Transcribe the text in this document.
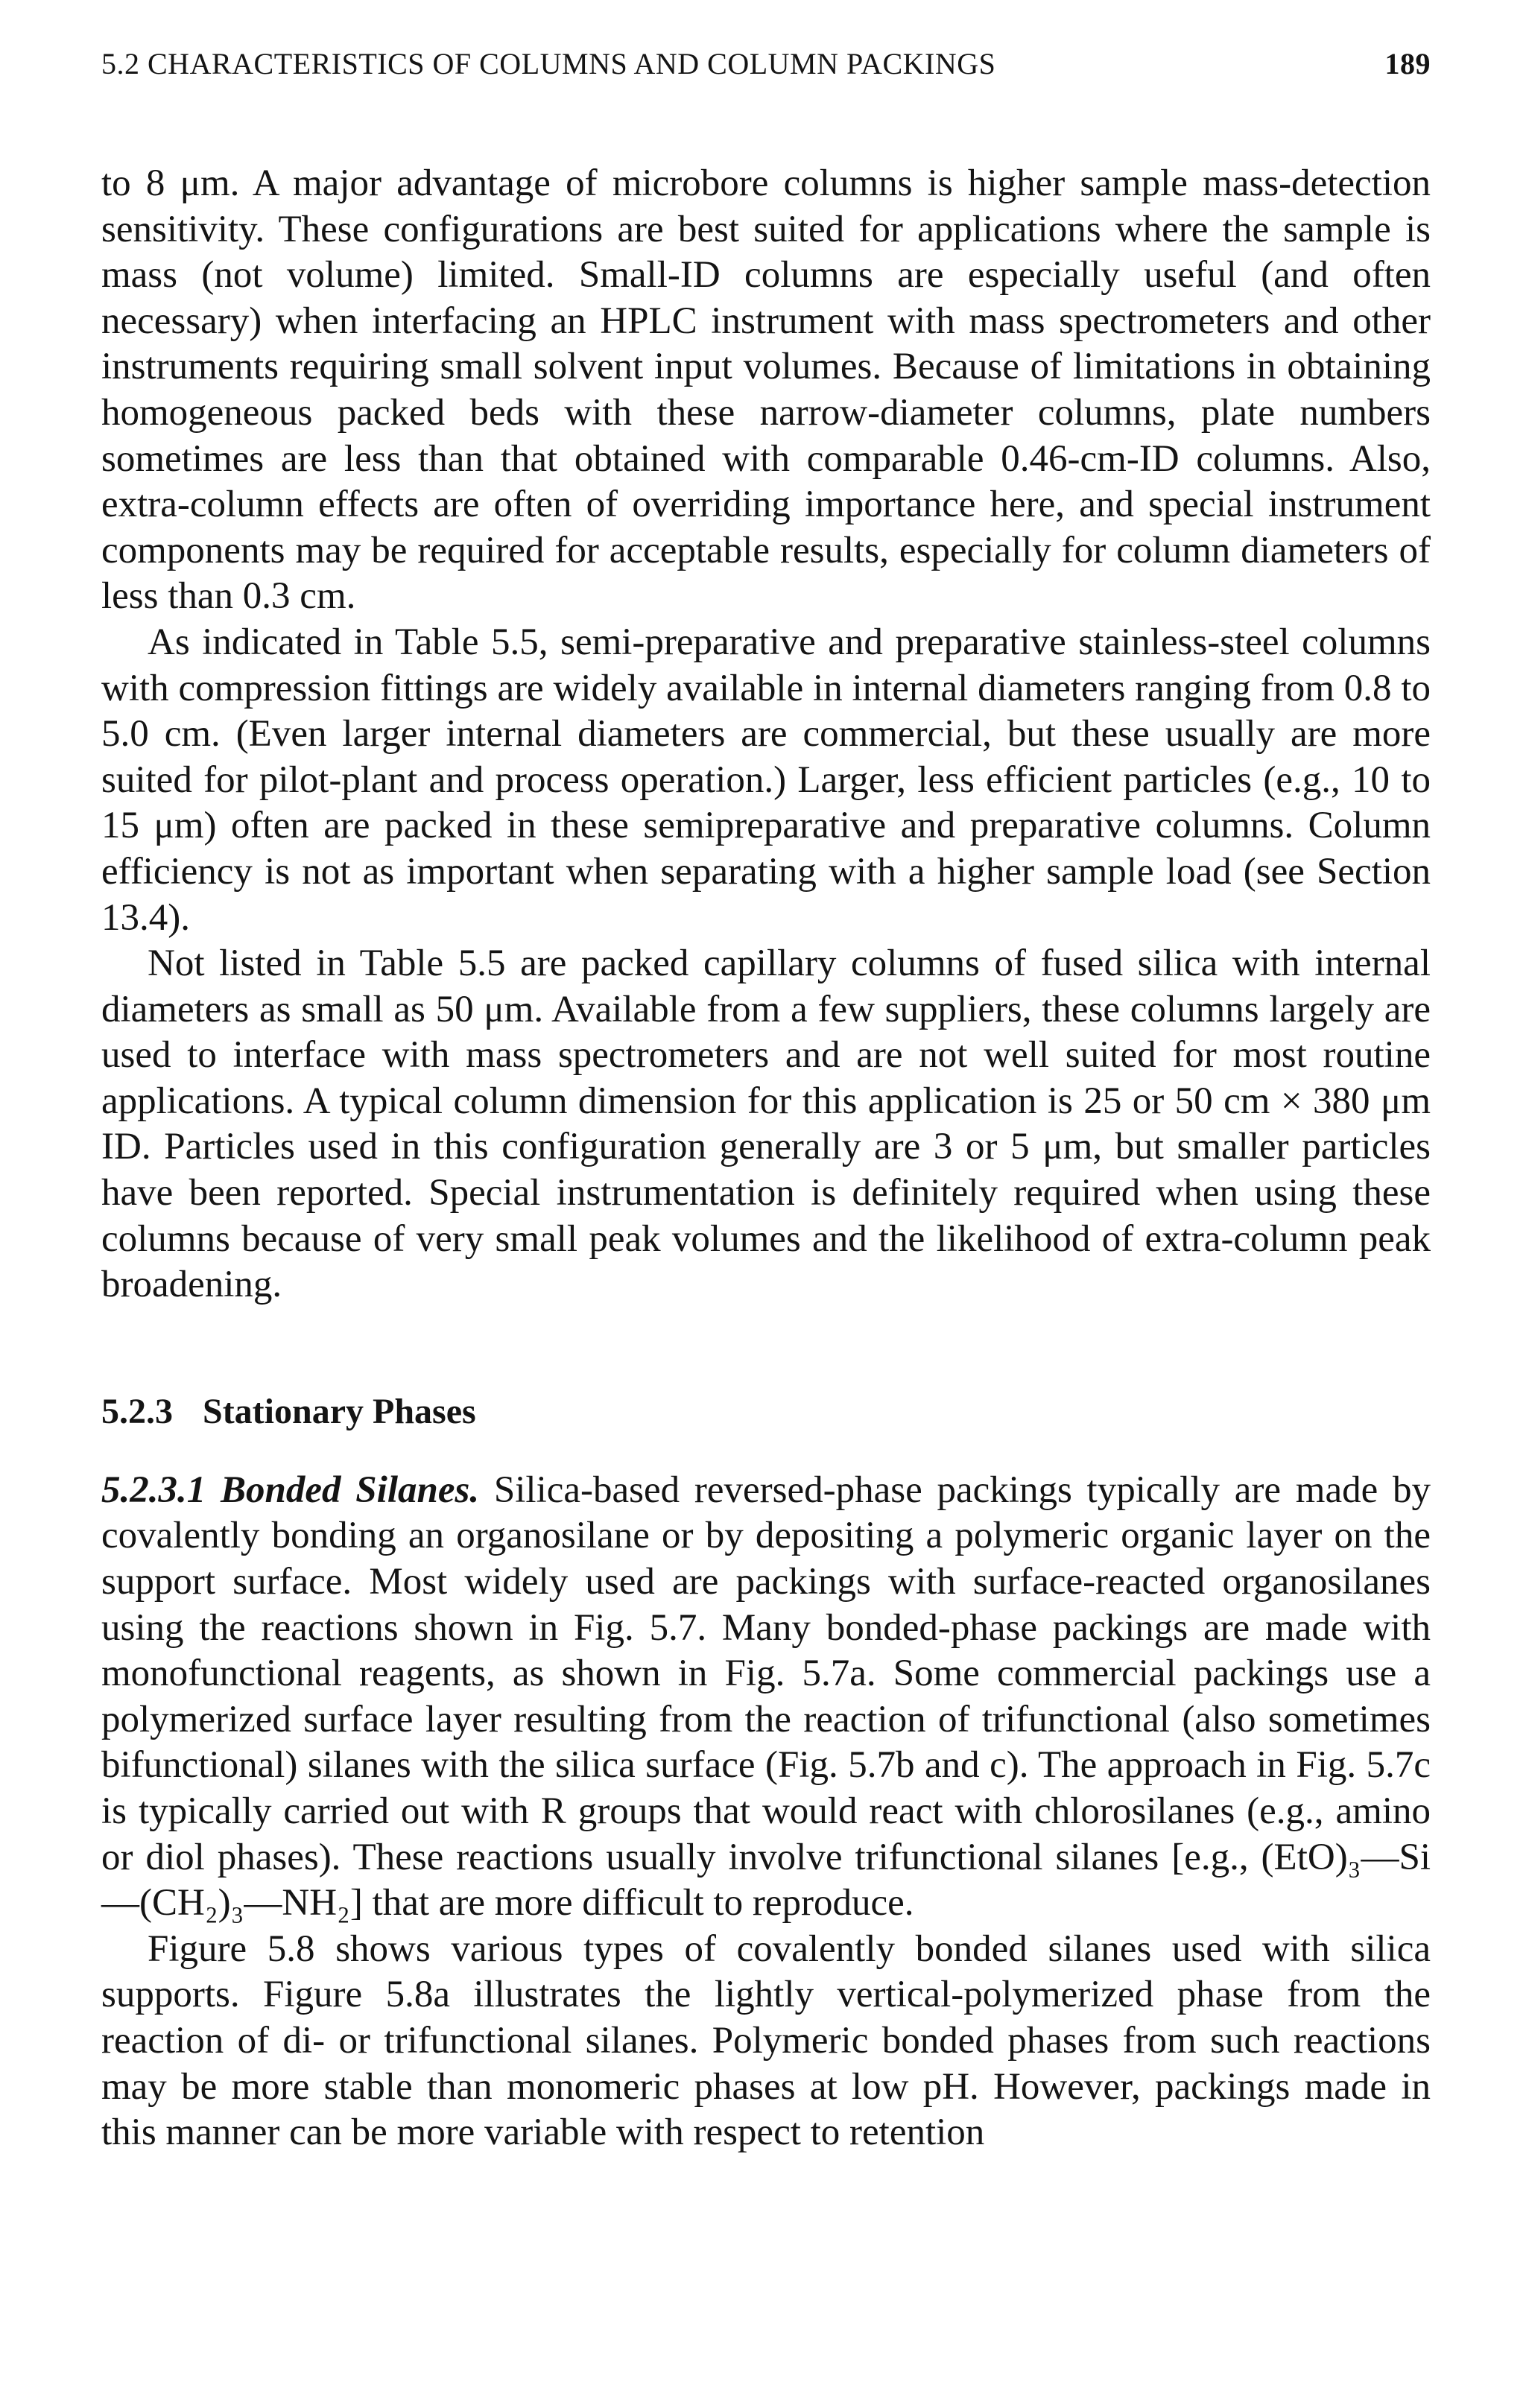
5.2 CHARACTERISTICS OF COLUMNS AND COLUMN PACKINGS	189

to 8 μm. A major advantage of microbore columns is higher sample mass-detection sensitivity. These configurations are best suited for applications where the sample is mass (not volume) limited. Small-ID columns are especially useful (and often necessary) when interfacing an HPLC instrument with mass spectrometers and other instruments requiring small solvent input volumes. Because of limitations in obtaining homogeneous packed beds with these narrow-diameter columns, plate numbers sometimes are less than that obtained with comparable 0.46-cm-ID columns. Also, extra-column effects are often of overriding importance here, and special instrument components may be required for acceptable results, especially for column diameters of less than 0.3 cm.

As indicated in Table 5.5, semi-preparative and preparative stainless-steel columns with compression fittings are widely available in internal diameters ranging from 0.8 to 5.0 cm. (Even larger internal diameters are commercial, but these usually are more suited for pilot-plant and process operation.) Larger, less efficient particles (e.g., 10 to 15 μm) often are packed in these semipreparative and preparative columns. Column efficiency is not as important when separating with a higher sample load (see Section 13.4).

Not listed in Table 5.5 are packed capillary columns of fused silica with internal diameters as small as 50 μm. Available from a few suppliers, these columns largely are used to interface with mass spectrometers and are not well suited for most routine applications. A typical column dimension for this application is 25 or 50 cm × 380 μm ID. Particles used in this configuration generally are 3 or 5 μm, but smaller particles have been reported. Special instrumentation is definitely required when using these columns because of very small peak volumes and the likelihood of extra-column peak broadening.

5.2.3 Stationary Phases

5.2.3.1 Bonded Silanes. Silica-based reversed-phase packings typically are made by covalently bonding an organosilane or by depositing a polymeric organic layer on the support surface. Most widely used are packings with surface-reacted organosilanes using the reactions shown in Fig. 5.7. Many bonded-phase packings are made with monofunctional reagents, as shown in Fig. 5.7a. Some commercial packings use a polymerized surface layer resulting from the reaction of trifunctional (also sometimes bifunctional) silanes with the silica surface (Fig. 5.7b and c). The approach in Fig. 5.7c is typically carried out with R groups that would react with chlorosilanes (e.g., amino or diol phases). These reactions usually involve trifunctional silanes [e.g., (EtO)₃—Si—(CH₂)₃—NH₂] that are more difficult to reproduce.

Figure 5.8 shows various types of covalently bonded silanes used with silica supports. Figure 5.8a illustrates the lightly vertical-polymerized phase from the reaction of di- or trifunctional silanes. Polymeric bonded phases from such reactions may be more stable than monomeric phases at low pH. However, packings made in this manner can be more variable with respect to retention
